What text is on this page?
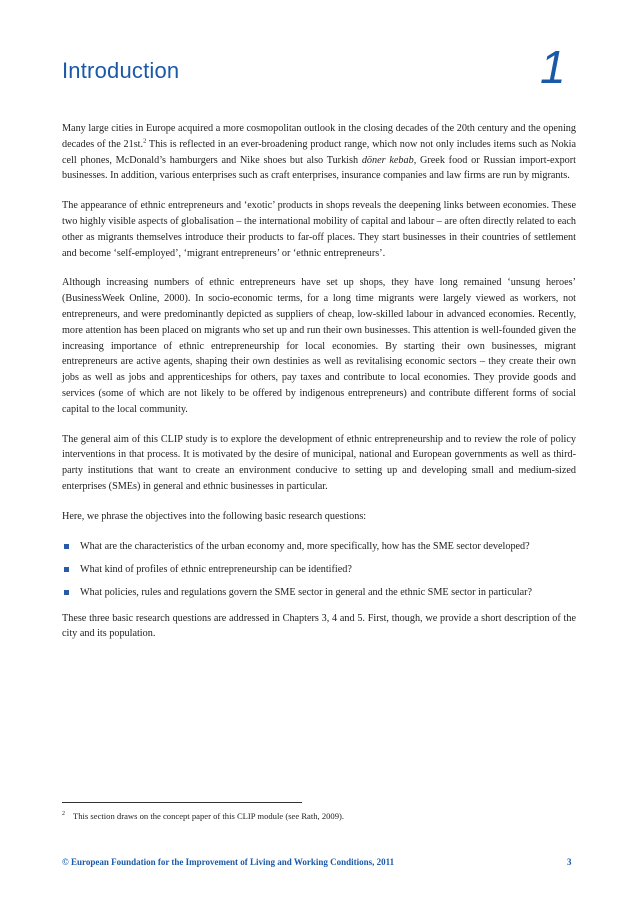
Introduction	1

Many large cities in Europe acquired a more cosmopolitan outlook in the closing decades of the 20th century and the opening decades of the 21st.$^2$ This is reflected in an ever-broadening product range, which now not only includes items such as Nokia cell phones, McDonald’s hamburgers and Nike shoes but also Turkish döner kebab, Greek food or Russian import-export businesses. In addition, various enterprises such as craft enterprises, insurance companies and law firms are run by migrants.

The appearance of ethnic entrepreneurs and ‘exotic’ products in shops reveals the deepening links between economies. These two highly visible aspects of globalisation – the international mobility of capital and labour – are often directly related to each other as migrants themselves introduce their products to far-off places. They start businesses in their countries of settlement and become ‘self-employed’, ‘migrant entrepreneurs’ or ‘ethnic entrepreneurs’.

Although increasing numbers of ethnic entrepreneurs have set up shops, they have long remained ‘unsung heroes’ (BusinessWeek Online, 2000). In socio-economic terms, for a long time migrants were largely viewed as workers, not entrepreneurs, and were predominantly depicted as suppliers of cheap, low-skilled labour in advanced economies. Recently, more attention has been placed on migrants who set up and run their own businesses. This attention is well-founded given the increasing importance of ethnic entrepreneurship for local economies. By starting their own businesses, migrant entrepreneurs are active agents, shaping their own destinies as well as revitalising economic sectors – they create their own jobs as well as jobs and apprenticeships for others, pay taxes and contribute to local economies. They provide goods and services (some of which are not likely to be offered by indigenous entrepreneurs) and contribute different forms of social capital to the local community.

The general aim of this CLIP study is to explore the development of ethnic entrepreneurship and to review the role of policy interventions in that process. It is motivated by the desire of municipal, national and European governments as well as third-party institutions that want to create an environment conducive to setting up and developing small and medium-sized enterprises (SMEs) in general and ethnic businesses in particular.

Here, we phrase the objectives into the following basic research questions:

What are the characteristics of the urban economy and, more specifically, how has the SME sector developed?
What kind of profiles of ethnic entrepreneurship can be identified?
What policies, rules and regulations govern the SME sector in general and the ethnic SME sector in particular?

These three basic research questions are addressed in Chapters 3, 4 and 5. First, though, we provide a short description of the city and its population.

$^2$ This section draws on the concept paper of this CLIP module (see Rath, 2009).
© European Foundation for the Improvement of Living and Working Conditions, 2011	3
